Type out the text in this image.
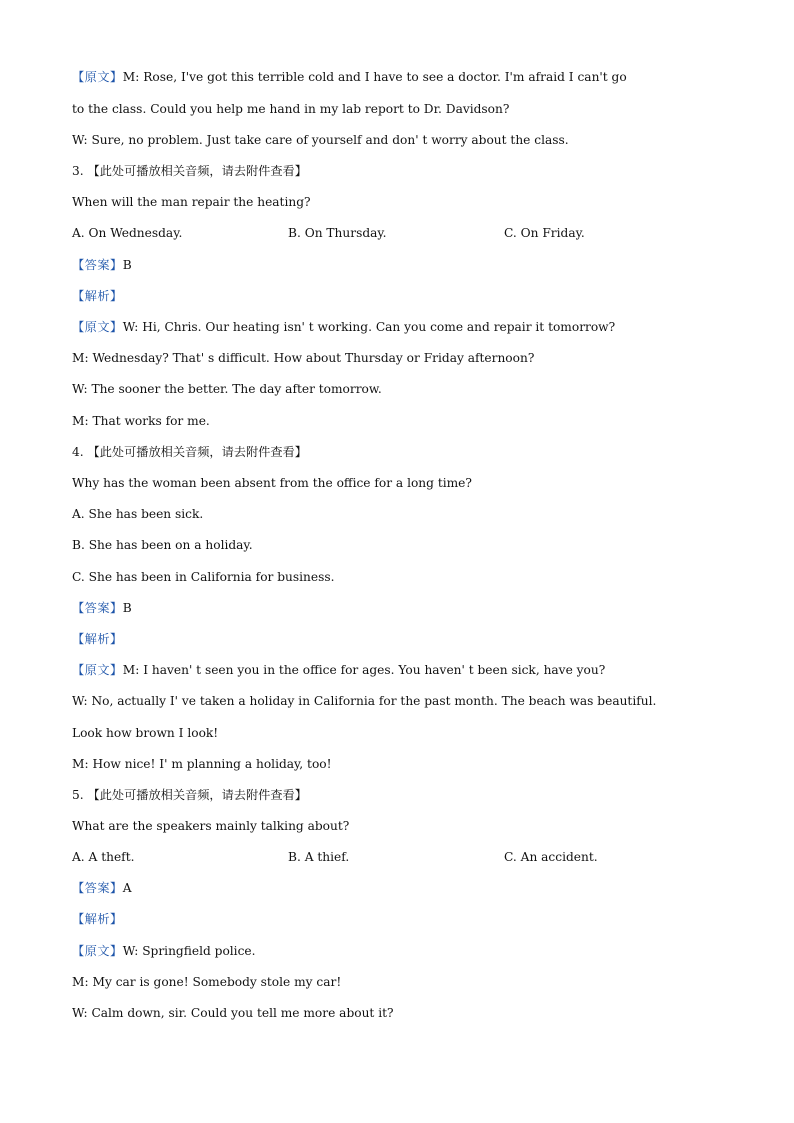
【原文】M: Rose, I've got this terrible cold and I have to see a doctor. I'm afraid I can't go
to the class. Could you help me hand in my lab report to Dr. Davidson?
W: Sure, no problem. Just take care of yourself and don' t worry about the class.
3. 【此处可播放相关音频，请去附件查看】
When will the man repair the heating?
A. On Wednesday.	B. On Thursday.	C. On Friday.
【答案】B
【解析】
【原文】W: Hi, Chris. Our heating isn' t working. Can you come and repair it tomorrow?
M: Wednesday? That' s difficult. How about Thursday or Friday afternoon?
W: The sooner the better. The day after tomorrow.
M: That works for me.
4. 【此处可播放相关音频，请去附件查看】
Why has the woman been absent from the office for a long time?
A. She has been sick.
B. She has been on a holiday.
C. She has been in California for business.
【答案】B
【解析】
【原文】M: I haven' t seen you in the office for ages. You haven' t been sick, have you?
W: No, actually I' ve taken a holiday in California for the past month. The beach was beautiful.
Look how brown I look!
M: How nice! I' m planning a holiday, too!
5. 【此处可播放相关音频，请去附件查看】
What are the speakers mainly talking about?
A. A theft.	B. A thief.	C. An accident.
【答案】A
【解析】
【原文】W: Springfield police.
M: My car is gone! Somebody stole my car!
W: Calm down, sir. Could you tell me more about it?
